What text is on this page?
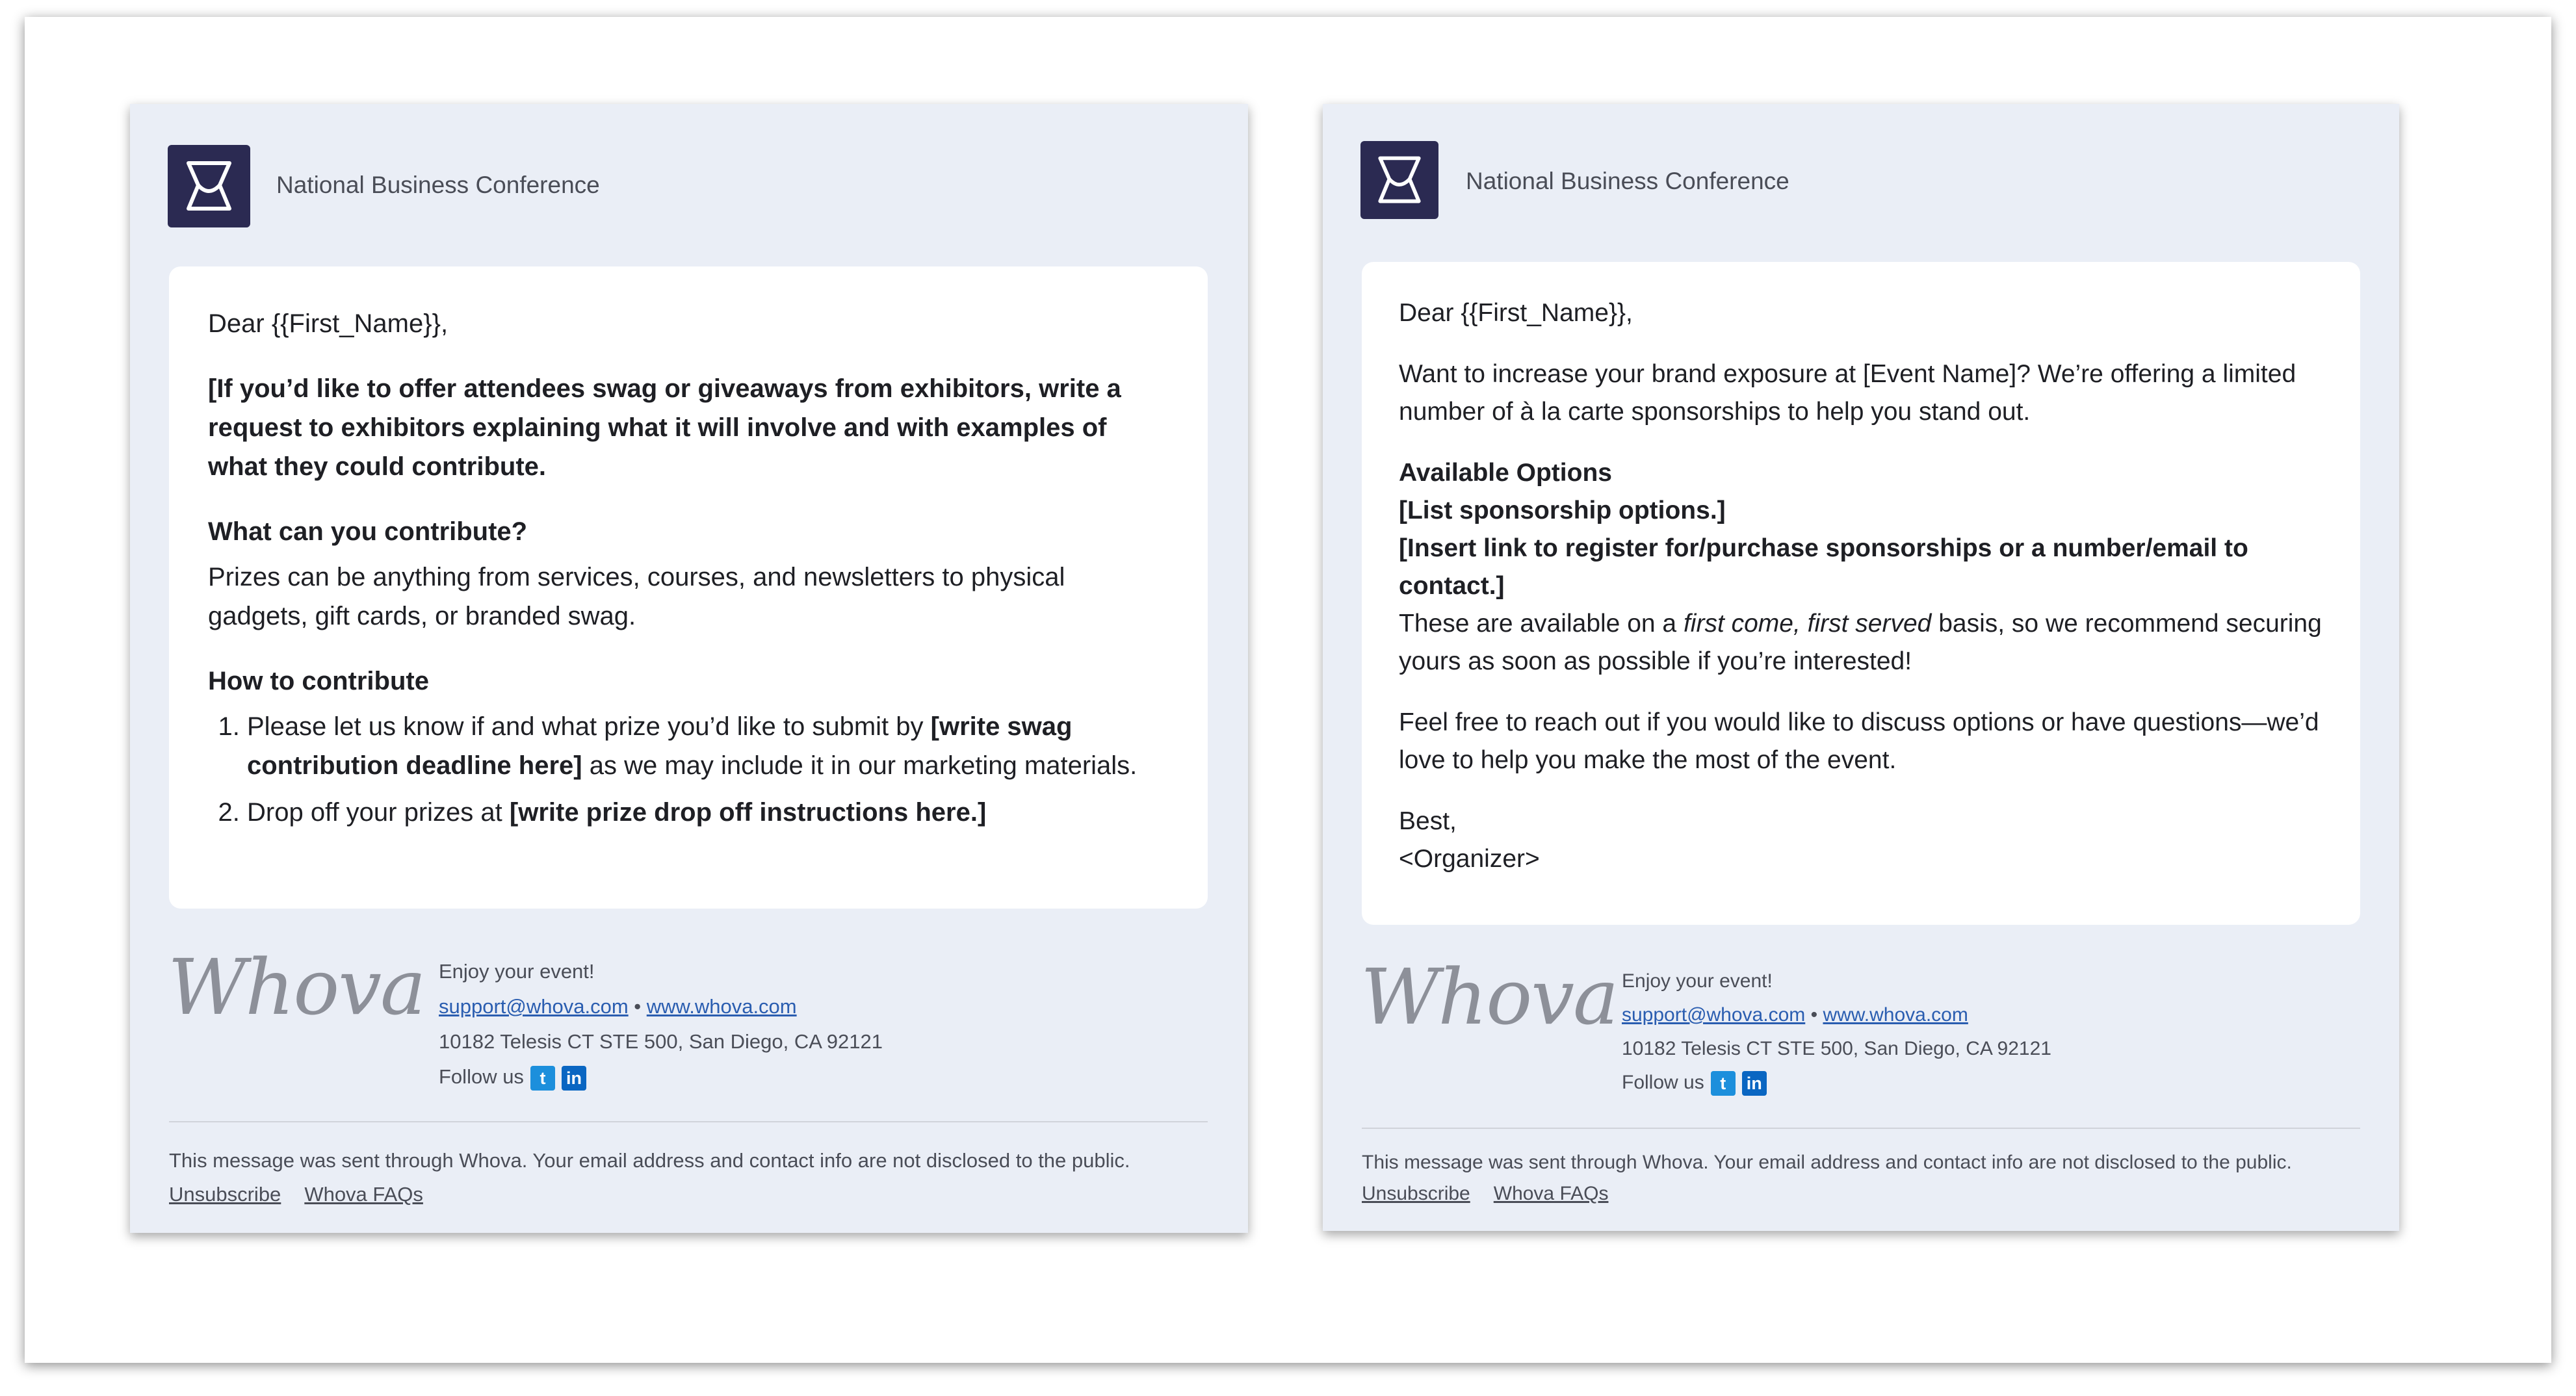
National Business Conference

Dear {{First_Name}},

[If you’d like to offer attendees swag or giveaways from exhibitors, write a request to exhibitors explaining what it will involve and with examples of what they could contribute.

What can you contribute?

Prizes can be anything from services, courses, and newsletters to physical gadgets, gift cards, or branded swag.

How to contribute

1. Please let us know if and what prize you’d like to submit by [write swag contribution deadline here] as we may include it in our marketing materials.
2. Drop off your prizes at [write prize drop off instructions here.]
Whova Enjoy your event!
support@whova.com • www.whova.com
10182 Telesis CT STE 500, San Diego, CA 92121
Follow us t in
This message was sent through Whova. Your email address and contact info are not disclosed to the public.
Unsubscribe Whova FAQs
National Business Conference

Dear {{First_Name}},

Want to increase your brand exposure at [Event Name]? We’re offering a limited number of à la carte sponsorships to help you stand out.

Available Options

[List sponsorship options.]

[Insert link to register for/purchase sponsorships or a number/email to contact.]

These are available on a first come, first served basis, so we recommend securing yours as soon as possible if you’re interested!

Feel free to reach out if you would like to discuss options or have questions—we’d love to help you make the most of the event.

Best,

<Organizer>

Whova Enjoy your event!
support@whova.com • www.whova.com
10182 Telesis CT STE 500, San Diego, CA 92121
Follow us t in
This message was sent through Whova. Your email address and contact info are not disclosed to the public.
Unsubscribe Whova FAQs
